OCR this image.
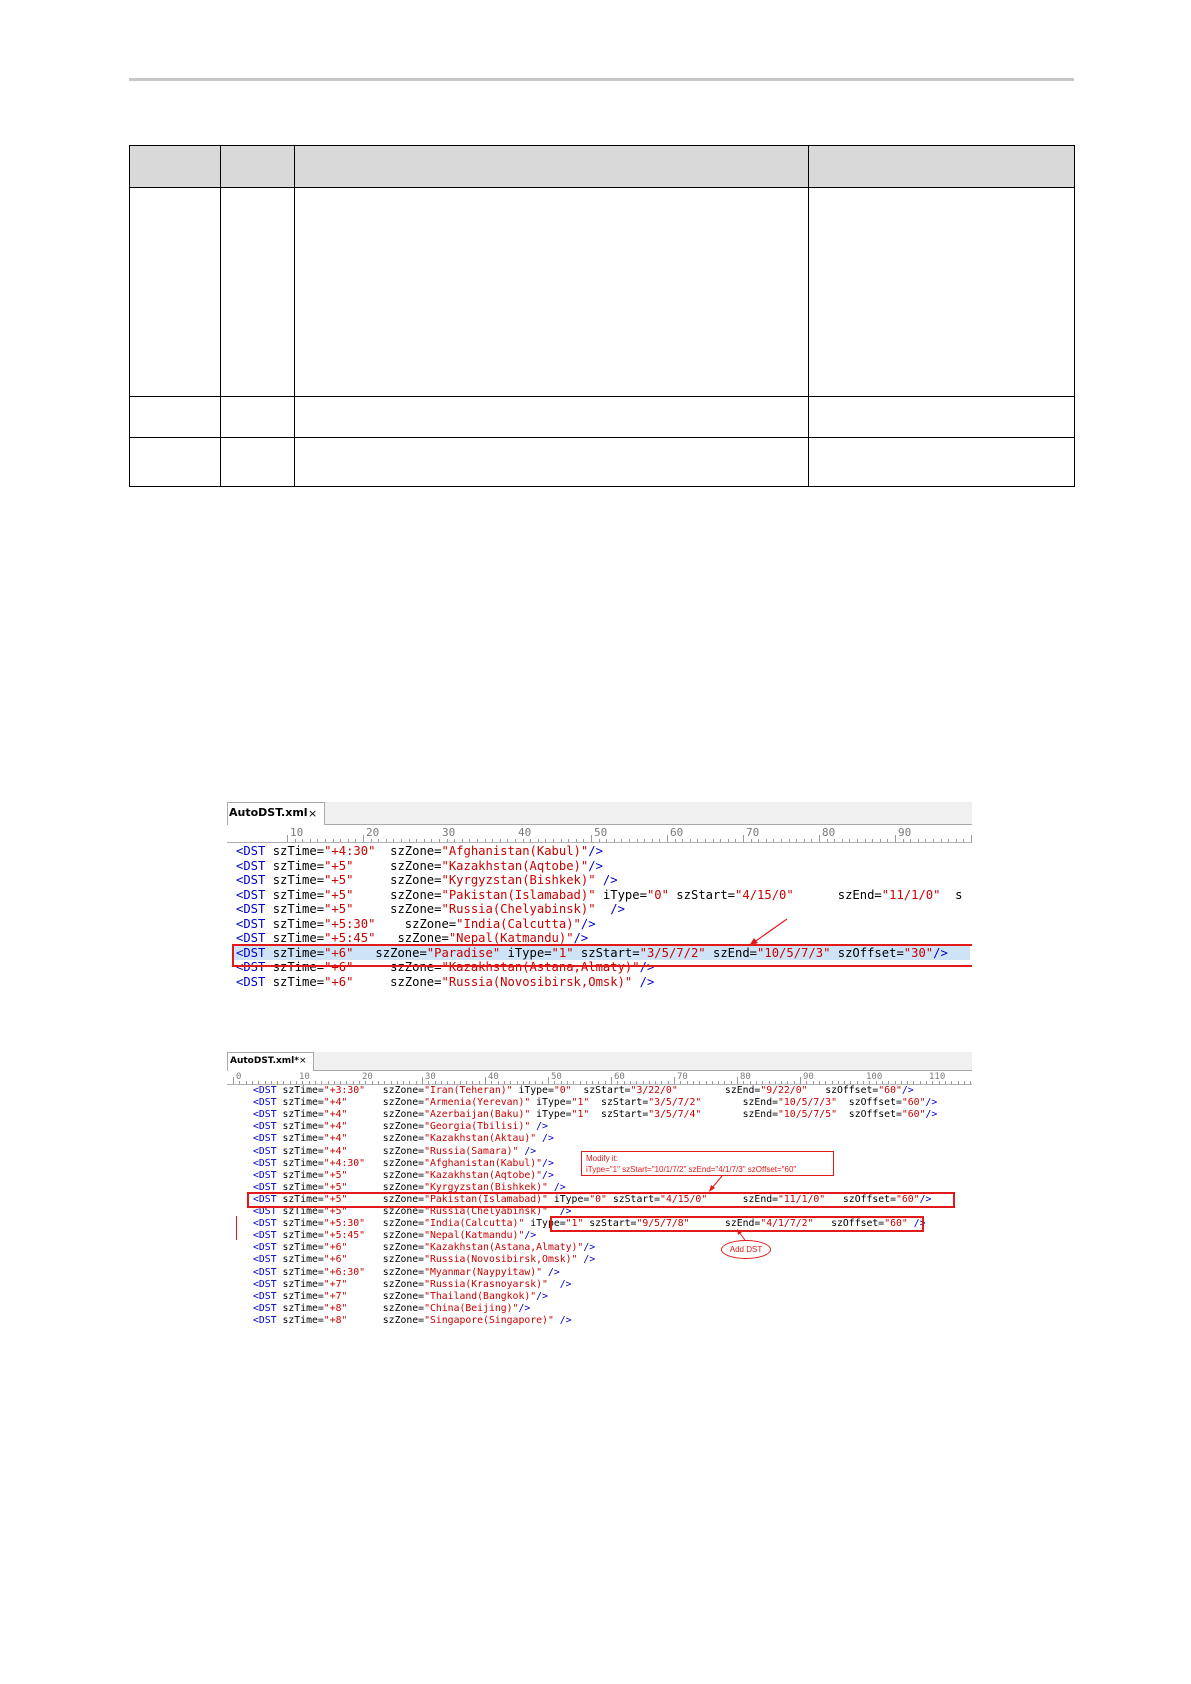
AutoDST.xml ×
10	20	30	40	50	60	70	80	90
<DST szTime="+4:30"  szZone="Afghanistan(Kabul)"/>
<DST szTime="+5"     szZone="Kazakhstan(Aqtobe)"/>
<DST szTime="+5"     szZone="Kyrgyzstan(Bishkek)" />
<DST szTime="+5"     szZone="Pakistan(Islamabad)" iType="0" szStart="4/15/0"      szEnd="11/1/0"  s
<DST szTime="+5"     szZone="Russia(Chelyabinsk)"  />
<DST szTime="+5:30"    szZone="India(Calcutta)"/>
<DST szTime="+5:45"   szZone="Nepal(Katmandu)"/>
<DST szTime="+6"   szZone="Paradise" iType="1" szStart="3/5/7/2" szEnd="10/5/7/3" szOffset="30"/>
<DST szTime="+6"     szZone="Kazakhstan(Astana,Almaty)"/>
<DST szTime="+6"     szZone="Russia(Novosibirsk,Omsk)" />
AutoDST.xml* ×
0	10	20	30	40	50	60	70	80	90	100	110
<DST szTime="+3:30"   szZone="Iran(Teheran)" iType="0"  szStart="3/22/0"        szEnd="9/22/0"   szOffset="60"/>
<DST szTime="+4"      szZone="Armenia(Yerevan)" iType="1"  szStart="3/5/7/2"       szEnd="10/5/7/3"  szOffset="60"/>
<DST szTime="+4"      szZone="Azerbaijan(Baku)" iType="1"  szStart="3/5/7/4"       szEnd="10/5/7/5"  szOffset="60"/>
<DST szTime="+4"      szZone="Georgia(Tbilisi)" />
<DST szTime="+4"      szZone="Kazakhstan(Aktau)" />
<DST szTime="+4"      szZone="Russia(Samara)" />
<DST szTime="+4:30"   szZone="Afghanistan(Kabul)"/>
<DST szTime="+5"      szZone="Kazakhstan(Aqtobe)"/>
<DST szTime="+5"      szZone="Kyrgyzstan(Bishkek)" />
<DST szTime="+5"      szZone="Pakistan(Islamabad)" iType="0" szStart="4/15/0"      szEnd="11/1/0"   szOffset="60"/>
<DST szTime="+5"      szZone="Russia(Chelyabinsk)"  />
<DST szTime="+5:30"   szZone="India(Calcutta)" iType="1" szStart="9/5/7/8"      szEnd="4/1/7/2"   szOffset="60" />
<DST szTime="+5:45"   szZone="Nepal(Katmandu)"/>
<DST szTime="+6"      szZone="Kazakhstan(Astana,Almaty)"/>
<DST szTime="+6"      szZone="Russia(Novosibirsk,Omsk)" />
<DST szTime="+6:30"   szZone="Myanmar(Naypyitaw)" />
<DST szTime="+7"      szZone="Russia(Krasnoyarsk)"  />
<DST szTime="+7"      szZone="Thailand(Bangkok)"/>
<DST szTime="+8"      szZone="China(Beijing)"/>
<DST szTime="+8"      szZone="Singapore(Singapore)" />
Modify it:
iType="1" szStart="10/1/7/2" szEnd="4/1/7/3" szOffset="60"
Add DST
